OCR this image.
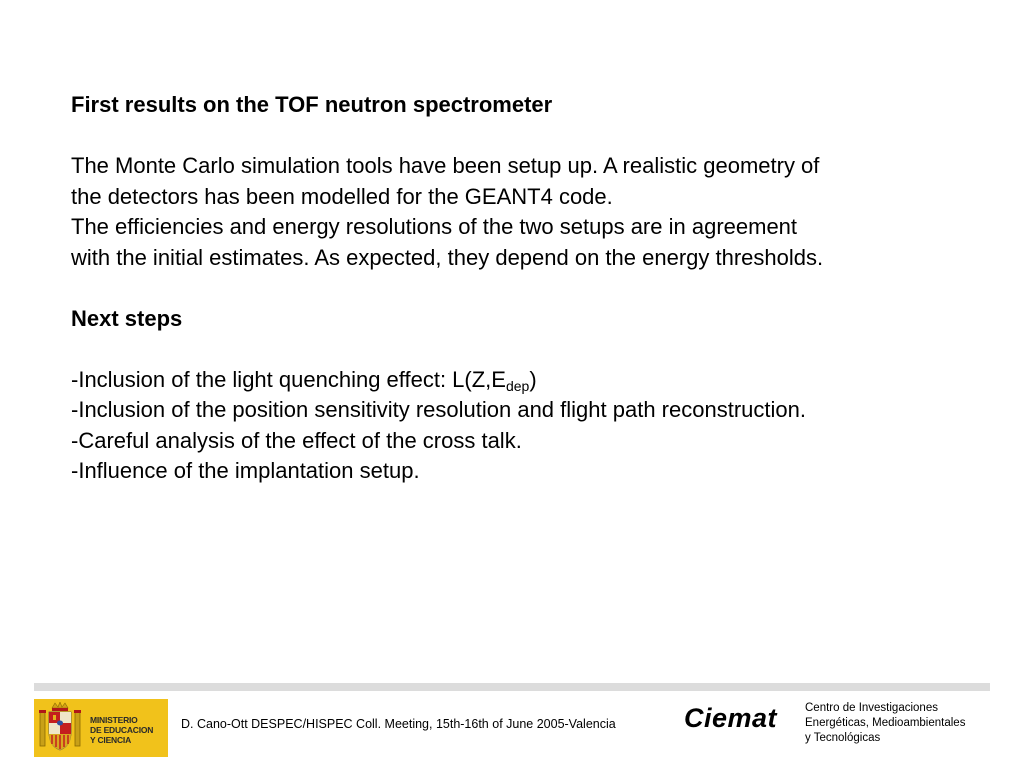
First results on the TOF neutron spectrometer

The Monte Carlo simulation tools have been setup up. A realistic geometry of

the detectors has been modelled for the GEANT4 code.

The efficiencies and energy resolutions of the two setups are in agreement

with the initial estimates. As expected, they depend on the energy thresholds.

Next steps

-Inclusion of the light quenching effect: $L(Z,E_{dep})$

-Inclusion of the position sensitivity resolution and flight path reconstruction.

-Careful analysis of the effect of the cross talk.

-Influence of the implantation setup.

MINISTERIO
DE EDUCACION
Y CIENCIA
D. Cano-Ott DESPEC/HISPEC Coll. Meeting, 15th-16th of June 2005-Valencia	Ciemat Centro de Investigaciones
Energéticas, Medioambientales
y Tecnológicas
